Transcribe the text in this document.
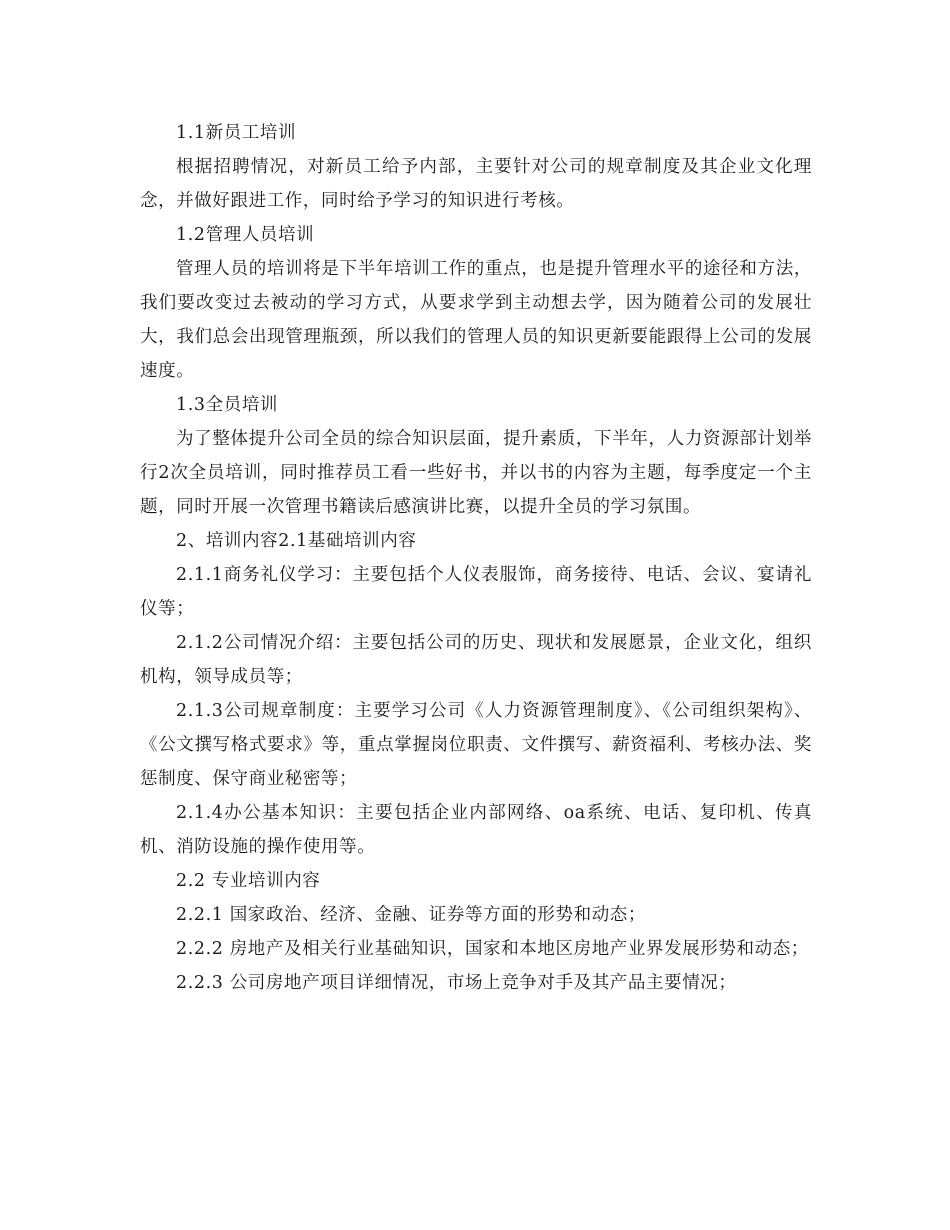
1.1新员工培训

根据招聘情况，对新员工给予内部，主要针对公司的规章制度及其企业文化理念，并做好跟进工作，同时给予学习的知识进行考核。

1.2管理人员培训

管理人员的培训将是下半年培训工作的重点，也是提升管理水平的途径和方法，我们要改变过去被动的学习方式，从要求学到主动想去学，因为随着公司的发展壮大，我们总会出现管理瓶颈，所以我们的管理人员的知识更新要能跟得上公司的发展速度。

1.3全员培训

为了整体提升公司全员的综合知识层面，提升素质，下半年，人力资源部计划举行2次全员培训，同时推荐员工看一些好书，并以书的内容为主题，每季度定一个主题，同时开展一次管理书籍读后感演讲比赛，以提升全员的学习氛围。

2、培训内容2.1基础培训内容

2.1.1商务礼仪学习：主要包括个人仪表服饰，商务接待、电话、会议、宴请礼仪等；

2.1.2公司情况介绍：主要包括公司的历史、现状和发展愿景，企业文化，组织机构，领导成员等；

2.1.3公司规章制度：主要学习公司《人力资源管理制度》、《公司组织架构》、《公文撰写格式要求》等，重点掌握岗位职责、文件撰写、薪资福利、考核办法、奖惩制度、保守商业秘密等；

2.1.4办公基本知识：主要包括企业内部网络、oa系统、电话、复印机、传真机、消防设施的操作使用等。

2.2 专业培训内容

2.2.1 国家政治、经济、金融、证券等方面的形势和动态；

2.2.2 房地产及相关行业基础知识，国家和本地区房地产业界发展形势和动态；

2.2.3 公司房地产项目详细情况，市场上竞争对手及其产品主要情况；
